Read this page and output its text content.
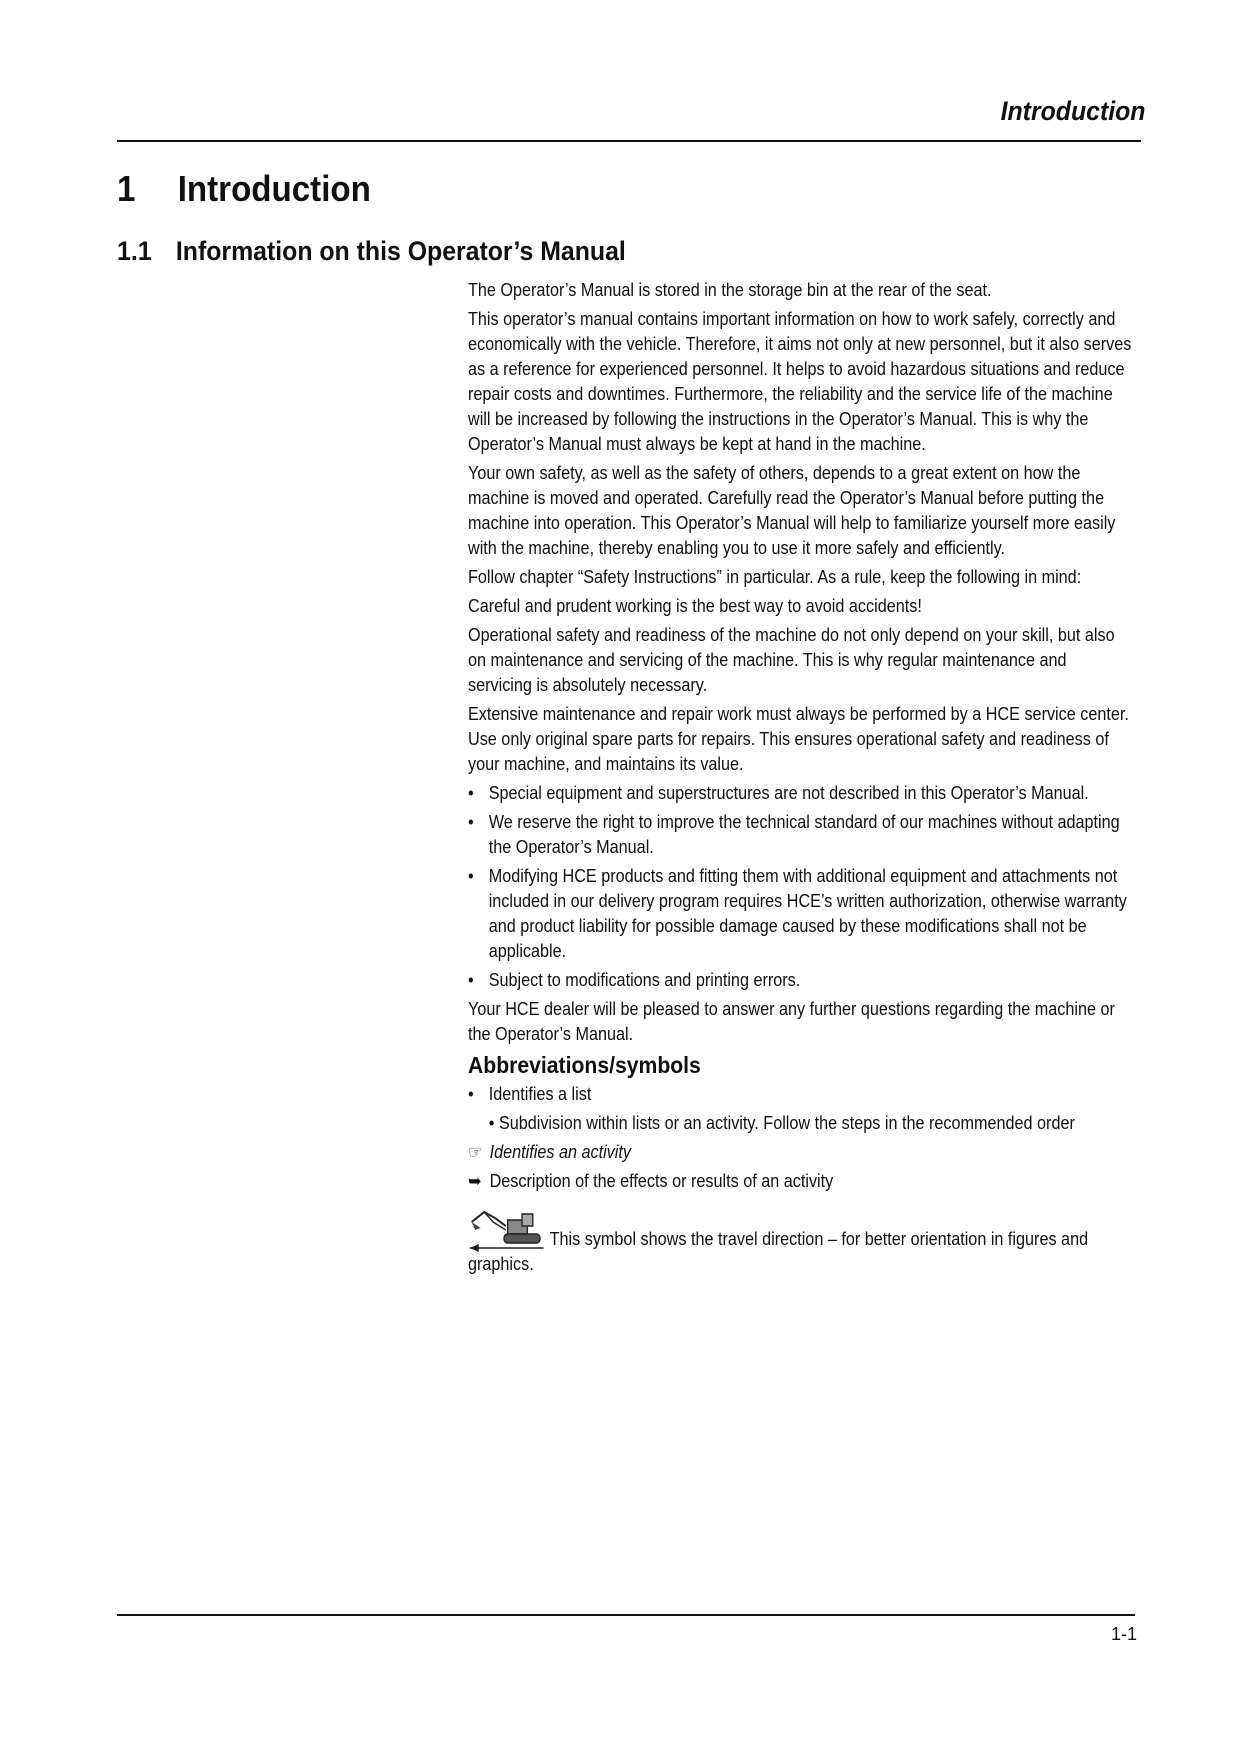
Introduction
1	Introduction
1.1 Information on this Operator’s Manual

The Operator’s Manual is stored in the storage bin at the rear of the seat.

This operator’s manual contains important information on how to work safely, correctly and economically with the vehicle. Therefore, it aims not only at new personnel, but it also serves as a reference for experienced personnel. It helps to avoid hazardous situations and reduce repair costs and downtimes. Furthermore, the reliability and the service life of the machine will be increased by following the instructions in the Operator’s Manual. This is why the Operator’s Manual must always be kept at hand in the machine.

Your own safety, as well as the safety of others, depends to a great extent on how the machine is moved and operated. Carefully read the Operator’s Manual before putting the machine into operation. This Operator’s Manual will help to familiarize yourself more easily with the machine, thereby enabling you to use it more safely and efficiently.

Follow chapter “Safety Instructions” in particular. As a rule, keep the following in mind:

Careful and prudent working is the best way to avoid accidents!

Operational safety and readiness of the machine do not only depend on your skill, but also on maintenance and servicing of the machine. This is why regular maintenance and servicing is absolutely necessary.

Extensive maintenance and repair work must always be performed by a HCE service center. Use only original spare parts for repairs. This ensures operational safety and readiness of your machine, and maintains its value.

• Special equipment and superstructures are not described in this Operator’s Manual.
• We reserve the right to improve the technical standard of our machines without adapting the Operator’s Manual.
• Modifying HCE products and fitting them with additional equipment and attachments not included in our delivery program requires HCE’s written authorization, otherwise warranty and product liability for possible damage caused by these modifications shall not be applicable.
• Subject to modifications and printing errors.

Your HCE dealer will be pleased to answer any further questions regarding the machine or the Operator’s Manual.

Abbreviations/symbols
• Identifies a list
• Subdivision within lists or an activity. Follow the steps in the recommended order
☞ Identifies an activity
➥ Description of the effects or results of an activity
This symbol shows the travel direction – for better orientation in figures and graphics.
1-1
